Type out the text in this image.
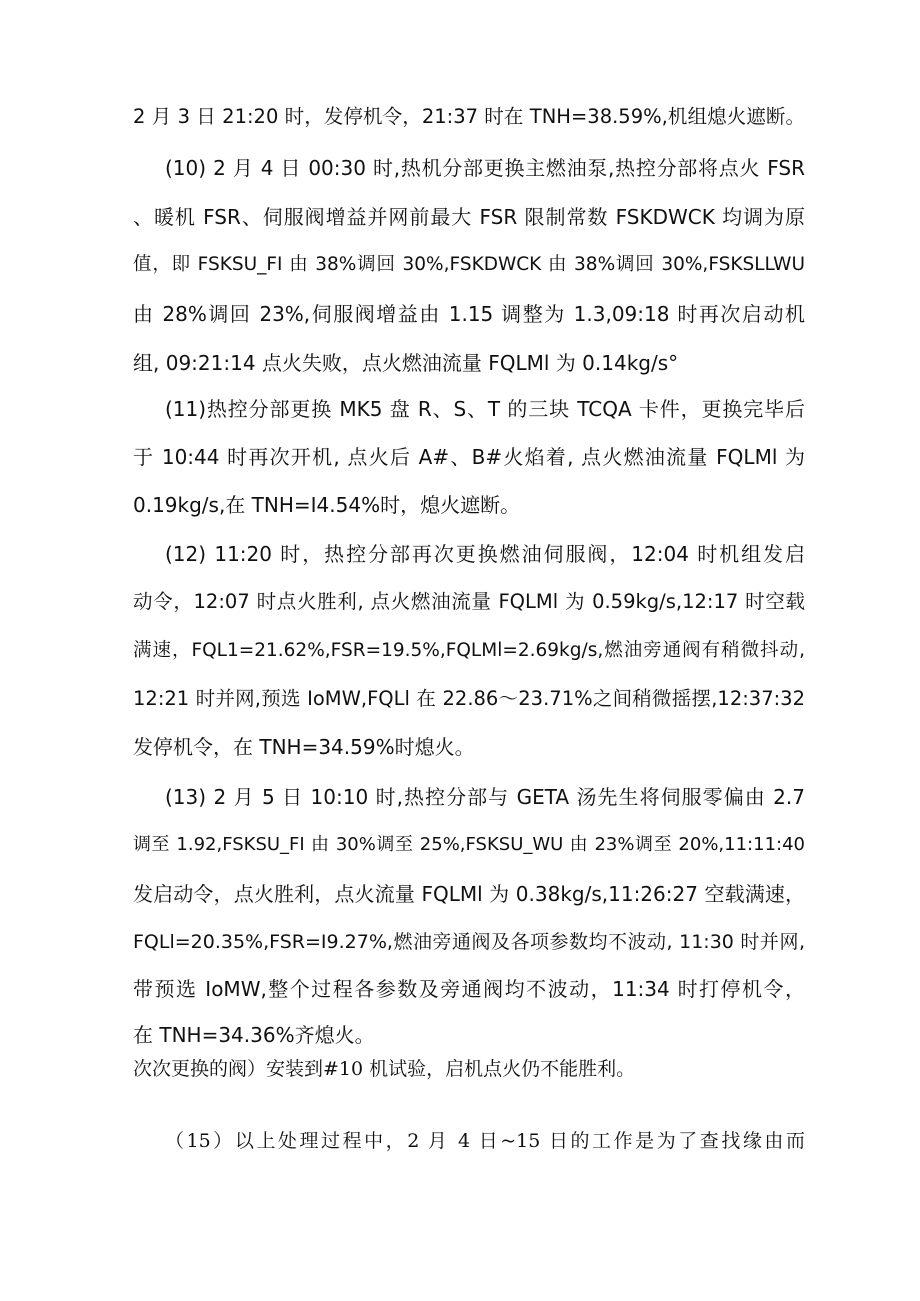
2 月 3 日 21:20 时，发停机令，21:37 时在 TNH=38.59%,机组熄火遮断。
(10) 2 月 4 日 00:30 时,热机分部更换主燃油泵,热控分部将点火 FSR
、暖机 FSR、伺服阀增益并网前最大 FSR 限制常数 FSKDWCK 均调为原
值，即 FSKSU_FI 由 38%调回 30%,FSKDWCK 由 38%调回 30%,FSKSLLWU
由 28%调回 23%,伺服阀增益由 1.15 调整为 1.3,09:18 时再次启动机
组, 09:21:14 点火失败，点火燃油流量 FQLMl 为 0.14kg/s°
(11)热控分部更换 MK5 盘 R、S、T 的三块 TCQA 卡件，更换完毕后
于 10:44 时再次开机, 点火后 A#、B#火焰着, 点火燃油流量 FQLMl 为
0.19kg/s,在 TNH=I4.54%时，熄火遮断。
(12) 11:20 时，热控分部再次更换燃油伺服阀，12:04 时机组发启
动令，12:07 时点火胜利, 点火燃油流量 FQLMl 为 0.59kg/s,12:17 时空载
满速，FQL1=21.62%,FSR=19.5%,FQLMl=2.69kg/s,燃油旁通阀有稍微抖动,
12:21 时并网,预选 IoMW,FQLl 在 22.86～23.71%之间稍微摇摆,12:37:32
发停机令，在 TNH=34.59%时熄火。
(13) 2 月 5 日 10:10 时,热控分部与 GETA 汤先生将伺服零偏由 2.7
调至 1.92,FSKSU_FI 由 30%调至 25%,FSKSU_WU 由 23%调至 20%,11:11:40
发启动令，点火胜利，点火流量 FQLMl 为 0.38kg/s,11:26:27 空载满速，
FQLl=20.35%,FSR=I9.27%,燃油旁通阀及各项参数均不波动, 11:30 时并网,
带预选 IoMW,整个过程各参数及旁通阀均不波动，11:34 时打停机令，
在 TNH=34.36%齐熄火。
次次更换的阀）安装到#10 机试验，启机点火仍不能胜利。
（15）以上处理过程中，2 月 4 日~15 日的工作是为了查找缘由而
